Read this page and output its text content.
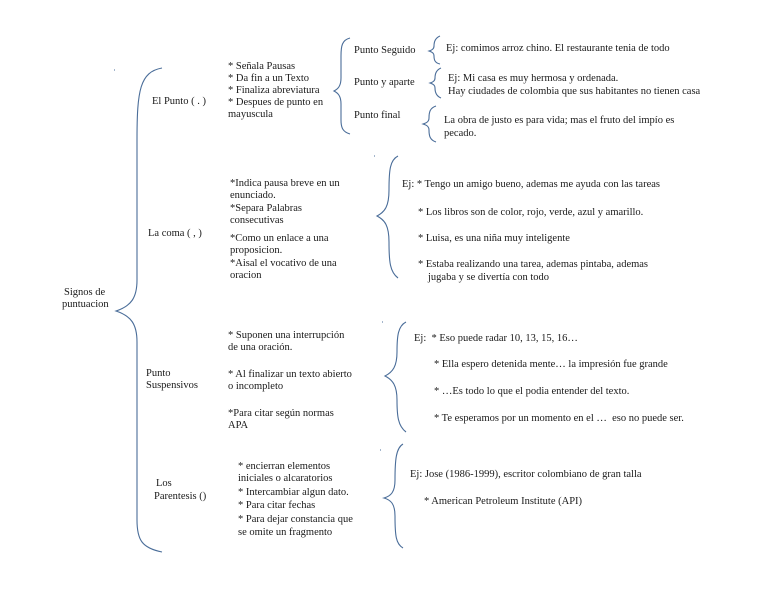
Signos de
puntuacion
El Punto ( . )
* Señala Pausas
* Da fin a un Texto
* Finaliza abreviatura
* Despues de punto en
mayuscula
Punto Seguido	Ej: comimos arroz chino. El restaurante tenia de todo
Punto y aparte	Ej: Mi casa es muy hermosa y ordenada.
Hay ciudades de colombia que sus habitantes no tienen casa
Punto final	La obra de justo es para vida; mas el fruto del impío es
pecado.
La coma ( , )
*Indica pausa breve en un
enunciado.
*Separa Palabras
consecutivas
*Como un enlace a una
proposicion.
*Aisal el vocativo de una
oracion
Ej: * Tengo un amigo bueno, ademas me ayuda con las tareas
* Los libros son de color, rojo, verde, azul y amarillo.
* Luisa, es una niña muy inteligente
* Estaba realizando una tarea, ademas pintaba, ademas
jugaba y se divertía con todo
Punto
Suspensivos
* Suponen una interrupción
de una oración.
* Al finalizar un texto abierto
o incompleto
*Para citar según normas
APA
Ej:  * Eso puede radar 10, 13, 15, 16…
* Ella espero detenida mente… la impresión fue grande
* …Es todo lo que el podia entender del texto.
* Te esperamos por un momento en el …  eso no puede ser.
Los
Parentesis ()
* encierran elementos
iniciales o alcaratorios
* Intercambiar algun dato.
* Para citar fechas
* Para dejar constancia que
se omite un fragmento
Ej: Jose (1986-1999), escritor colombiano de gran talla
* American Petroleum Institute (API)
